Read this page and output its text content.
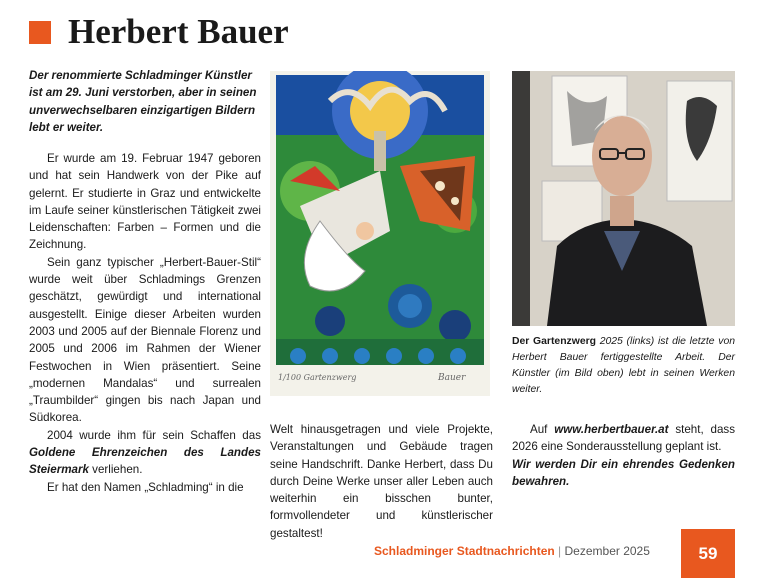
Herbert Bauer

Der renommierte Schladminger Künstler ist am 29. Juni verstorben, aber in seinen unverwechselbaren einzigartigen Bildern lebt er weiter.

Er wurde am 19. Februar 1947 geboren und hat sein Handwerk von der Pike auf gelernt. Er studierte in Graz und entwickelte im Laufe seiner künstlerischen Tätigkeit zwei Leidenschaften: Farben – Formen und die Zeichnung.

Sein ganz typischer „Herbert-Bauer-Stil“ wurde weit über Schladmings Grenzen geschätzt, gewürdigt und international ausgestellt. Einige dieser Arbeiten wurden 2003 und 2005 auf der Biennale Florenz und 2005 und 2006 im Rahmen der Wiener Festwochen in Wien präsentiert. Seine „modernen Mandalas“ und surrealen „Traumbilder“ gingen bis nach Japan und Südkorea.

2004 wurde ihm für sein Schaffen das Goldene Ehrenzeichen des Landes Steiermark verliehen.

Er hat den Namen „Schladming“ in die

Welt hinausgetragen und viele Projekte, Veranstaltungen und Gebäude tragen seine Handschrift. Danke Herbert, dass Du durch Deine Werke unser aller Leben auch weiterhin ein bisschen bunter, formvollendeter und künstlerischer gestaltest!

Auf www.herbertbauer.at steht, dass 2026 eine Sonderausstellung geplant ist.

Wir werden Dir ein ehrendes Gedenken bewahren.

1/100 Gartenzwerg	Bauer
Der Gartenzwerg 2025 (links) ist die letzte von Herbert Bauer fertiggestellte Arbeit. Der Künstler (im Bild oben) lebt in seinen Werken weiter.
Schladminger Stadtnachrichten | Dezember 2025	59
